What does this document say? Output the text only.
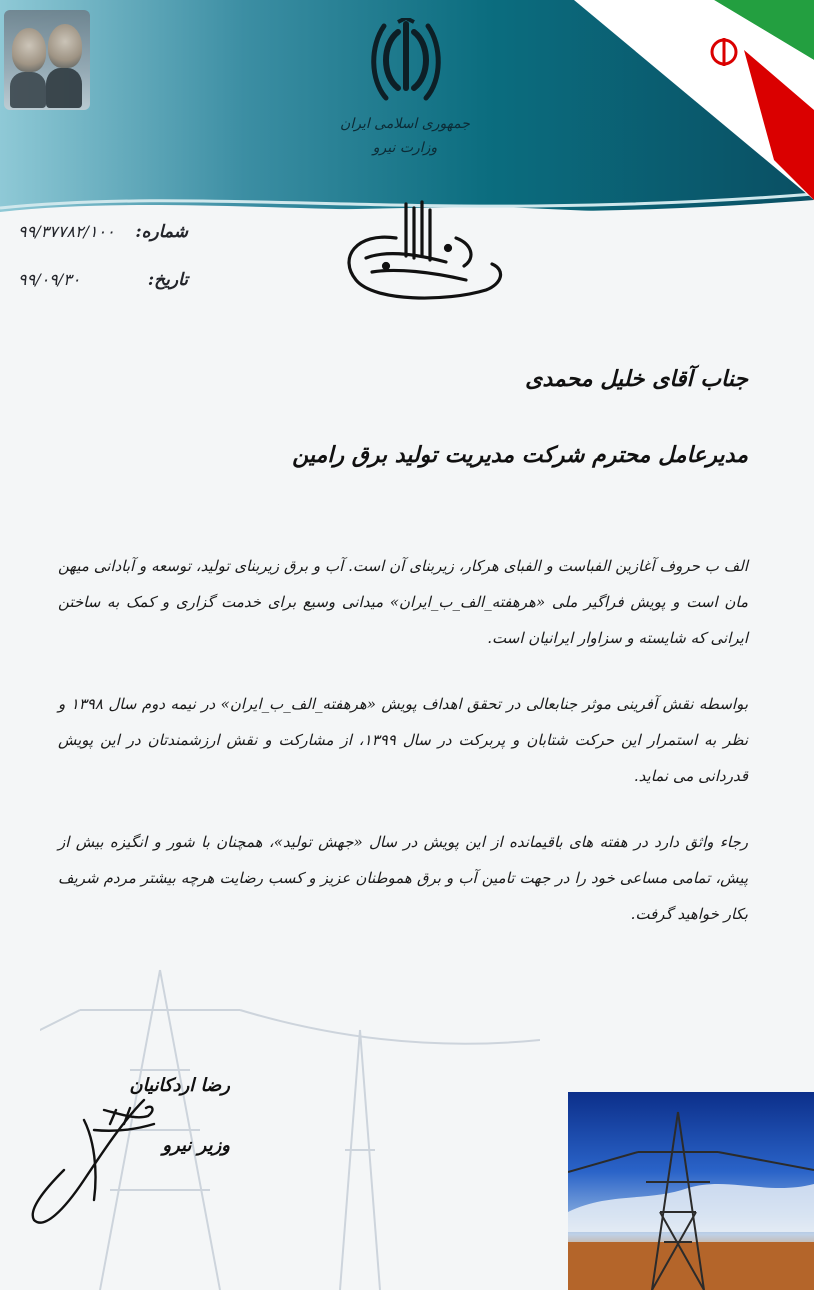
جمهوری اسلامی ایران
وزارت نیرو
شماره:
۹۹/۳۷۷۸۲/۱۰۰
تاریخ:
۹۹/۰۹/۳۰
جناب آقای خلیل محمدی
مدیرعامل محترم شرکت مدیریت تولید برق رامین

الف ب حروف آغازین الفباست و الفبای هرکار، زیربنای آن است. آب و برق زیربنای تولید، توسعه و آبادانی میهن مان است و پویش فراگیر ملی «هرهفته_الف_ب_ایران» میدانی وسیع برای خدمت گزاری و کمک به ساختن ایرانی که شایسته و سزاوار ایرانیان است.

بواسطه نقش آفرینی موثر جنابعالی در تحقق اهداف پویش «هرهفته_الف_ب_ایران» در نیمه دوم سال ۱۳۹۸ و نظر به استمرار این حرکت شتابان و پربرکت در سال ۱۳۹۹، از مشارکت و نقش ارزشمندتان در این پویش قدردانی می نماید.

رجاء واثق دارد در هفته های باقیمانده از این پویش در سال «جهش تولید»، همچنان با شور و انگیزه بیش از پیش، تمامی مساعی خود را در جهت تامین آب و برق هموطنان عزیز و کسب رضایت هرچه بیشتر مردم شریف بکار خواهید گرفت.

رضا اردکانیان
وزیر نیرو
